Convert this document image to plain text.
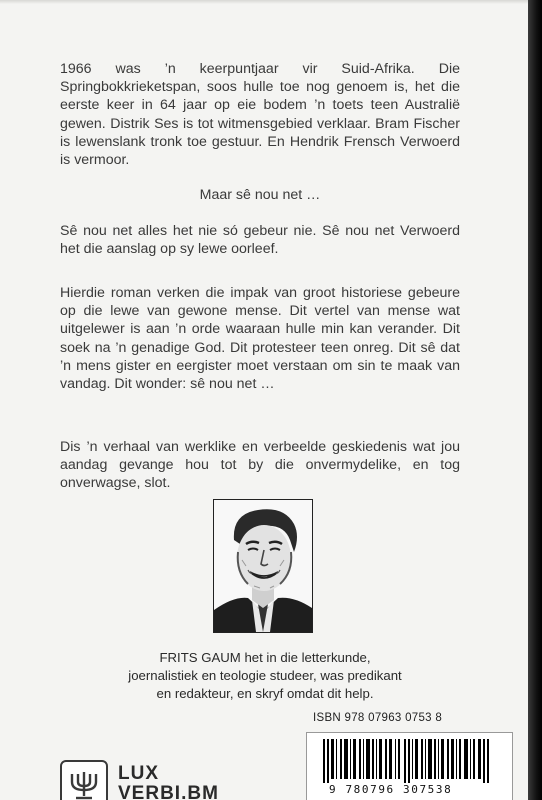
1966 was ’n keerpuntjaar vir Suid-Afrika. Die Springbokkrieketspan, soos hulle toe nog genoem is, het die eerste keer in 64 jaar op eie bodem ’n toets teen Australië gewen. Distrik Ses is tot witmensgebied verklaar. Bram Fischer is lewenslank tronk toe gestuur. En Hendrik Frensch Verwoerd is vermoor.

Maar sê nou net …

Sê nou net alles het nie só gebeur nie. Sê nou net Verwoerd het die aanslag op sy lewe oorleef.

Hierdie roman verken die impak van groot historiese gebeure op die lewe van gewone mense. Dit vertel van mense wat uitgelewer is aan ’n orde waaraan hulle min kan verander. Dit soek na ’n genadige God. Dit protesteer teen onreg. Dit sê dat ’n mens gister en eergister moet verstaan om sin te maak van vandag. Dit wonder: sê nou net …

Dis ’n verhaal van werklike en verbeelde geskiedenis wat jou aandag gevange hou tot by die onvermydelike, en tog onverwagse, slot.

FRITS GAUM het in die letterkunde,
joernalistiek en teologie studeer, was predikant
en redakteur, en skryf omdat dit help.
ISBN 978 07963 0753 8
9 780796 307538
LUX
VERBI.BM
